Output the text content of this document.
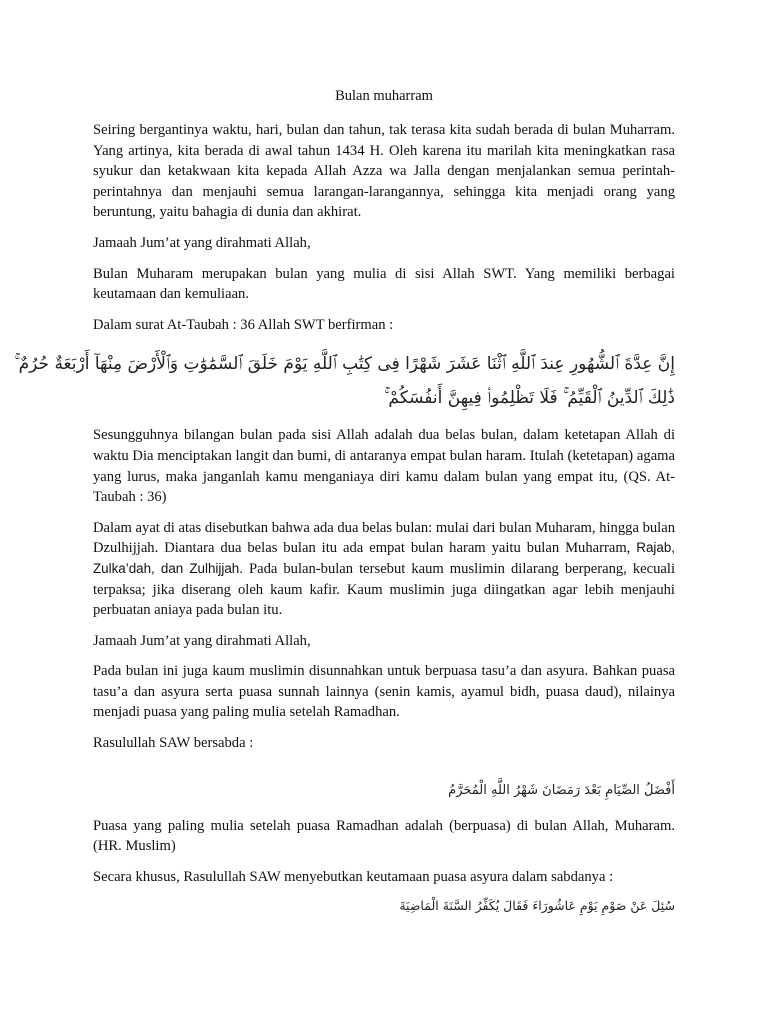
Bulan muharram

Seiring bergantinya waktu, hari, bulan dan tahun, tak terasa kita sudah berada di bulan Muharram. Yang artinya, kita berada di awal tahun 1434 H. Oleh karena itu marilah kita meningkatkan rasa syukur dan ketakwaan kita kepada Allah Azza wa Jalla dengan menjalankan semua perintah-perintahnya dan menjauhi semua larangan-larangannya, sehingga kita menjadi orang yang beruntung, yaitu bahagia di dunia dan akhirat.

Jamaah Jum’at yang dirahmati Allah,

Bulan Muharam merupakan bulan yang mulia di sisi Allah SWT. Yang memiliki berbagai keutamaan dan kemuliaan.

Dalam surat At-Taubah : 36 Allah SWT berfirman :

إِنَّ عِدَّةَ ٱلشُّهُورِ عِندَ ٱللَّهِ ٱثْنَا عَشَرَ شَهْرًا فِى كِتَٰبِ ٱللَّهِ يَوْمَ خَلَقَ ٱلسَّمَٰوَٰتِ وَٱلْأَرْضَ مِنْهَآ أَرْبَعَةٌ حُرُمٌ ۚ
ذَٰلِكَ ٱلدِّينُ ٱلْقَيِّمُ ۚ فَلَا تَظْلِمُوا۟ فِيهِنَّ أَنفُسَكُمْ ۚ

Sesungguhnya bilangan bulan pada sisi Allah adalah dua belas bulan, dalam ketetapan Allah di waktu Dia menciptakan langit dan bumi, di antaranya empat bulan haram. Itulah (ketetapan) agama yang lurus, maka janganlah kamu menganiaya diri kamu dalam bulan yang empat itu, (QS. At-Taubah : 36)

Dalam ayat di atas disebutkan bahwa ada dua belas bulan: mulai dari bulan Muharam, hingga bulan Dzulhijjah. Diantara dua belas bulan itu ada empat bulan haram yaitu bulan Muharram, Rajab, Zulka’dah, dan Zulhijjah. Pada bulan-bulan tersebut kaum muslimin dilarang berperang, kecuali terpaksa; jika diserang oleh kaum kafir. Kaum muslimin juga diingatkan agar lebih menjauhi perbuatan aniaya pada bulan itu.

Jamaah Jum’at yang dirahmati Allah,

Pada bulan ini juga kaum muslimin disunnahkan untuk berpuasa tasu’a dan asyura. Bahkan puasa tasu’a dan asyura serta puasa sunnah lainnya (senin kamis, ayamul bidh, puasa daud), nilainya menjadi puasa yang paling mulia setelah Ramadhan.

Rasulullah SAW bersabda :

أَفْضَلُ الصِّيَامِ بَعْدَ رَمَضَانَ شَهْرُ اللَّهِ الْمُحَرَّمُ

Puasa yang paling mulia setelah puasa Ramadhan adalah (berpuasa) di bulan Allah, Muharam. (HR. Muslim)

Secara khusus, Rasulullah SAW menyebutkan keutamaan puasa asyura dalam sabdanya :

سُئِلَ عَنْ صَوْمِ يَوْمِ عَاشُورَاءَ فَقَالَ يُكَفِّرُ السَّنَةَ الْمَاضِيَةَ
